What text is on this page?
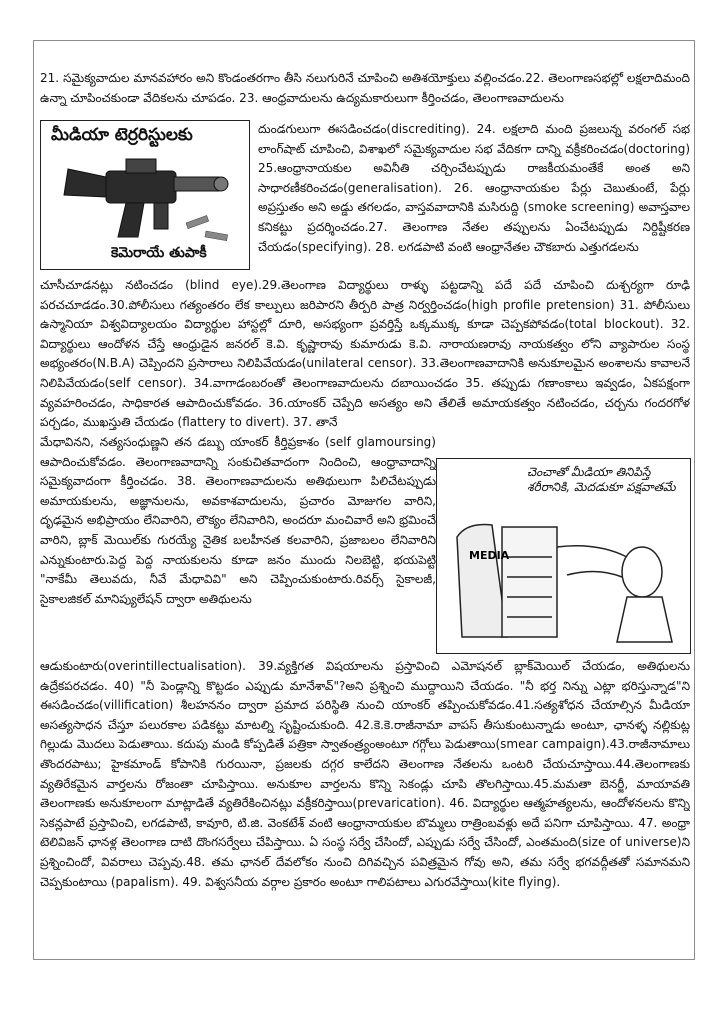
21. సమైక్యవాదుల మానవహారం అని కొండంతరగాం తీసి నలుగురినే చూపించి అతిశయోక్తులు వల్లించడం.22. తెలంగాణసభల్లో లక్షలాదిమంది ఉన్నా చూపించకుండా వేదికలను చూపడం. 23. ఆంధ్రవాదులను ఉద్యమకారులుగా కీర్తించడం, తెలంగాణవాదులను
మీడియా టెర్రరిస్టులకు
కెమెరాయే తుపాకీ
దుండగులుగా ఈసడించడం(discrediting). 24. లక్షలాది మంది ప్రజలున్న వరంగల్ సభ లాంగ్‌షాట్ చూపించి, విశాఖలో సమైక్యవాదుల సభ వేదికగా దాన్ని వక్రీకరించడం(doctoring) 25.ఆంధ్రానాయకుల అవినీతి చర్చించేటప్పుడు రాజకీయమంతేకే అంత అని సాధారణీకరించడం(generalisation). 26. ఆంధ్రానాయకుల పేర్లు చెబుతుంటే, పేర్లు అప్రస్తుతం అని అడ్డు తగలడం, వాస్తవవాదానికి మసిరుద్ది (smoke screening) అవాస్తవాల కనికట్టు ప్రదర్శించడం.27. తెలంగాణ నేతల తప్పులను ఏంచేటప్పుడు నిర్దిష్టీకరణ చేయడం(specifying). 28. లగడపాటి వంటి ఆంధ్రానేతల చౌకబారు ఎత్తుగడలను
చూసీచూడనట్లు నటించడం (blind eye).29.తెలంగాణ విద్యార్థులు రాళ్ళు పట్టడాన్ని పదే పదే చూపించి దుశ్చర్యగా రూఢి పరచచూడడం.30.పోలీసులు గత్యంతరం లేక కాల్పులు జరిపారని తీర్పరి పాత్ర నిర్వర్తించడం(high profile pretension) 31. పోలీసులు ఉస్మానియా విశ్వవిద్యాలయం విద్యార్థుల హాస్టల్లో దూరి, అసభ్యంగా ప్రవర్తిస్తే ఒక్కముక్క కూడా చెప్పకపోవడం(total blockout). 32. విద్యార్థులు ఆందోళన చేస్తే ఆంధ్రుడైన జనరల్ కె.వి. కృష్ణారావు కుమారుడు కె.వి. నారాయణరావు నాయకత్వం లోని వ్యాపారుల సంస్థ అభ్యంతరం(N.B.A) చెప్పిందని ప్రసారాలు నిలిపివేయడం(unilateral censor). 33.తెలంగాణవాదానికి అనుకూలమైన అంశాలను కావాలనే నిలిపివేయడం(self censor). 34.వాగాడంబరంతో తెలంగాణవాదులను దబాయించడం 35. తప్పుడు గణాంకాలు ఇవ్వడం, ఏకపక్షంగా వ్యవహరించడం, సాధికారత ఆపాదించుకోవడం. 36.యాంకర్ చెప్పేది అసత్యం అని తేలితే అమాయకత్వం నటించడం, చర్చను గందరగోళ పర్చడం, ముఖస్తుతి చేయడం (flattery to divert). 37. తానే
మేధావినని, నత్యసంధుణ్ణని తన డబ్బు యాంకర్ కీర్తిప్రకాశం (self glamoursing) ఆపాదించుకోవడం. తెలంగాణవాదాన్ని సంకుచితవాదంగా నిందించి, ఆంధ్రావాదాన్ని సమైక్యవాదంగా కీర్తించడం. 38. తెలంగాణవాదులను అతిథులుగా పిలిచేటప్పుడు అమాయకులను, అజ్ఞానులను, అవకాశవాదులను, ప్రచారం మోజుగల వారిని, దృఢమైన అభిప్రాయం లేనివారిని, లౌక్యం లేనివారిని, అందరూ మంచివారే అని భ్రమించే వారిని, బ్లాక్ మెయిల్‌కు గురయ్యే నైతిక బలహీనత కలవారిని, ప్రజాబలం లేనివారిని ఎన్నుకుంటారు.పెద్ద పెద్ద నాయకులను కూడా జనం ముందు నిలబెట్టి, భయపెట్టి "నాకేమీ తెలువదు, నీవే మేధావివి" అని చెప్పించుకుంటారు.రివర్స్ సైకాలజీ, సైకాలజికల్ మానిప్యులేషన్ ద్వారా అతిథులను
చెంచాతో మీడియా తినిపిస్తే శరీరానికి, మెదడుకూ పక్షవాతమే
MEDIA
ఆడుకుంటారు(overintillectualisation). 39.వ్యక్తిగత విషయాలను ప్రస్తావించి ఎమోషనల్ బ్లాక్‌మెయిల్ చేయడం, అతిథులను ఉద్రేకపరచడం. 40) "నీ పెండ్లాన్ని కొట్టడం ఎప్పుడు మానేశావ్"?అని ప్రశ్నించి ముద్దాయిని చేయడం. "నీ భర్త నిన్ను ఎట్లా భరిస్తున్నాడ"ని ఈసడించడం(villification) శీలహననం ద్వారా ప్రమాద పరిస్థితి నుంచి యాంకర్ తప్పించుకోవడం.41.సత్యశోధన చేయాల్సిన మీడియా అసత్యసాధన చేస్తూ పలురకాల పడికట్టు మాటల్ని సృష్టించుకుంది. 42.కె.కె.రాజీనామా వాపస్ తీసుకుంటున్నాడు అంటూ, ఛానళ్ళ నల్లికుట్ల గిల్లుడు మొదలు పెడుతాయి. కదుపు మండి కోప్పడితే పత్రికా స్వాతంత్ర్యంఅంటూ గగ్గోలు పెడుతాయి(smear campaign).43.రాజీనామాలు తొందరపాటు; హైకమాండ్ కోపానికి గురయినా, ప్రజలకు దగ్గర కాలేదని తెలంగాణ నేతలను ఒంటరి చేయచూస్తాయి.44.తెలంగాణకు వ్యతిరేకమైన వార్తలను రోజంతా చూపిస్తాయి. అనుకూల వార్తలను కొన్ని సెకండ్లు చూపి తొలగిస్తాయి.45.మమతా బెనర్జీ, మాయావతి తెలంగాణకు అనుకూలంగా మాట్లాడితే వ్యతిరేకించినట్లు వక్రీకరిస్తాయి(prevarication). 46. విద్యార్థుల ఆత్మహత్యలను, ఆందోళనలను కొన్ని సెకన్లపాటే ప్రస్తావించి, లగడపాటి, కావూరి, టి.జి. వెంకటేశ్ వంటి ఆంధ్రానాయకుల బొమ్మలు రాత్రింబవళ్లు అదే పనిగా చూపిస్తాయి. 47. అంధ్రా టెలివిజన్ ఛానళ్ల తెలంగాణ దాటి దొంగసర్వేలు చేపిస్తాయి. ఏ సంస్థ సర్వే చేసిందో, ఎప్పుడు సర్వే చేసిందో, ఎంతమంది(size of universe)ని ప్రశ్నించిందో, వివరాలు చెప్పవు.48. తమ ఛానల్ దేవలోకం నుంచి దిగివచ్చిన పవిత్రమైన గోవు అని, తమ సర్వే భగవద్గీతతో సమానమని చెప్పకుంటాయి (papalism). 49. విశ్వసనీయ వర్గాల ప్రకారం అంటూ గాలిపటాలు ఎగురవేస్తాయి(kite flying).
